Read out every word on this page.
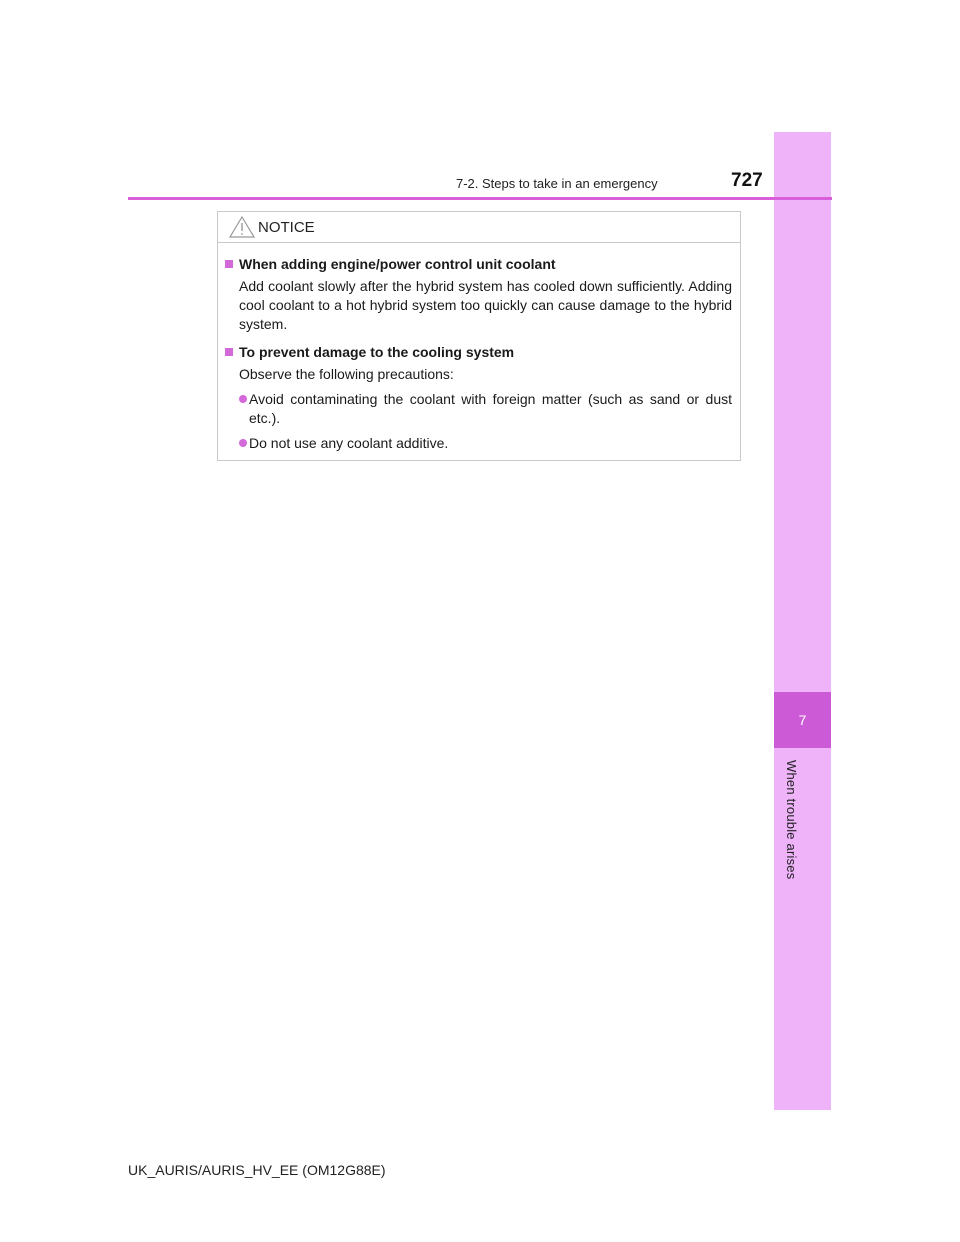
7
When trouble arises
7-2. Steps to take in an emergency	727
NOTICE
When adding engine/power control unit coolant
Add coolant slowly after the hybrid system has cooled down sufficiently. Adding cool coolant to a hot hybrid system too quickly can cause damage to the hybrid system.
To prevent damage to the cooling system
Observe the following precautions:
Avoid contaminating the coolant with foreign matter (such as sand or dust etc.).
Do not use any coolant additive.
UK_AURIS/AURIS_HV_EE (OM12G88E)
